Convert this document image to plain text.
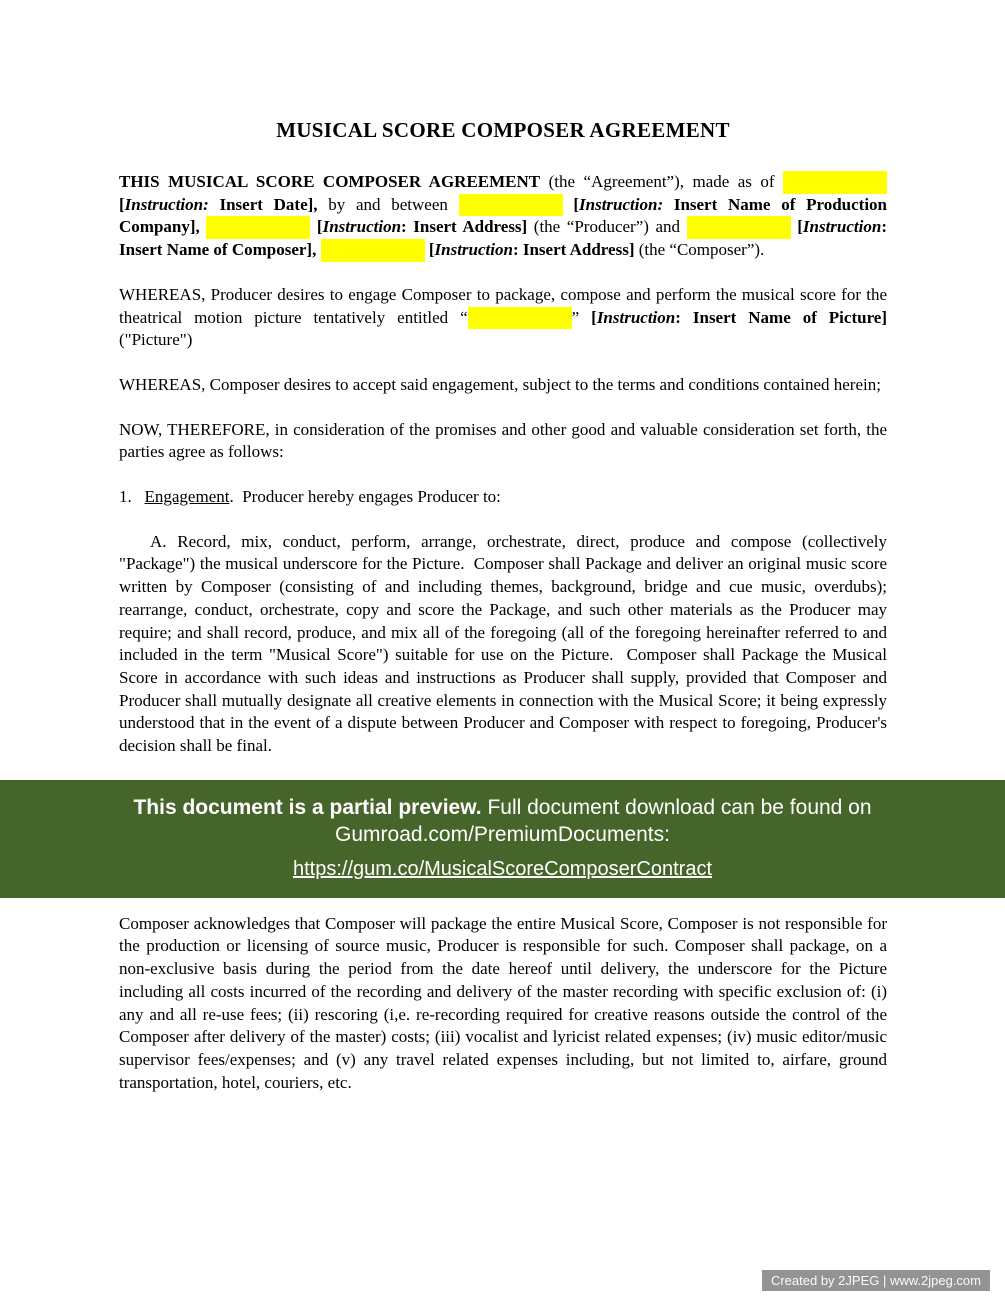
MUSICAL SCORE COMPOSER AGREEMENT

THIS MUSICAL SCORE COMPOSER AGREEMENT (the “Agreement”), made as of   [Instruction: Insert Date], by and between	[Instruction: Insert Name of Production Company],	[Instruction: Insert Address] (the “Producer”) and	[Instruction: Insert Name of Composer],	[Instruction: Insert Address] (the “Composer”).

WHEREAS, Producer desires to engage Composer to package, compose and perform the musical score for the theatrical motion picture tentatively entitled “	” [Instruction: Insert Name of Picture] ("Picture")

WHEREAS, Composer desires to accept said engagement, subject to the terms and conditions contained herein;

NOW, THEREFORE, in consideration of the promises and other good and valuable consideration set forth, the parties agree as follows:

1.   Engagement.  Producer hereby engages Producer to:

A. Record, mix, conduct, perform, arrange, orchestrate, direct, produce and compose (collectively "Package") the musical underscore for the Picture.  Composer shall Package and deliver an original music score written by Composer (consisting of and including themes, background, bridge and cue music, overdubs); rearrange, conduct, orchestrate, copy and score the Package, and such other materials as the Producer may require; and shall record, produce, and mix all of the foregoing (all of the foregoing hereinafter referred to and included in the term "Musical Score") suitable for use on the Picture.  Composer shall Package the Musical Score in accordance with such ideas and instructions as Producer shall supply, provided that Composer and Producer shall mutually designate all creative elements in connection with the Musical Score; it being expressly understood that in the event of a dispute between Producer and Composer with respect to foregoing, Producer's decision shall be final.

This document is a partial preview. Full document download can be found on
Gumroad.com/PremiumDocuments:
https://gum.co/MusicalScoreComposerContract

Composer acknowledges that Composer will package the entire Musical Score, Composer is not responsible for the production or licensing of source music, Producer is responsible for such. Composer shall package, on a non-exclusive basis during the period from the date hereof until delivery, the underscore for the Picture including all costs incurred of the recording and delivery of the master recording with specific exclusion of: (i) any and all re-use fees; (ii) rescoring (i,e. re-recording required for creative reasons outside the control of the Composer after delivery of the master) costs; (iii) vocalist and lyricist related expenses; (iv) music editor/music supervisor fees/expenses; and (v) any travel related expenses including, but not limited to, airfare, ground transportation, hotel, couriers, etc.

Created by 2JPEG | www.2jpeg.com
